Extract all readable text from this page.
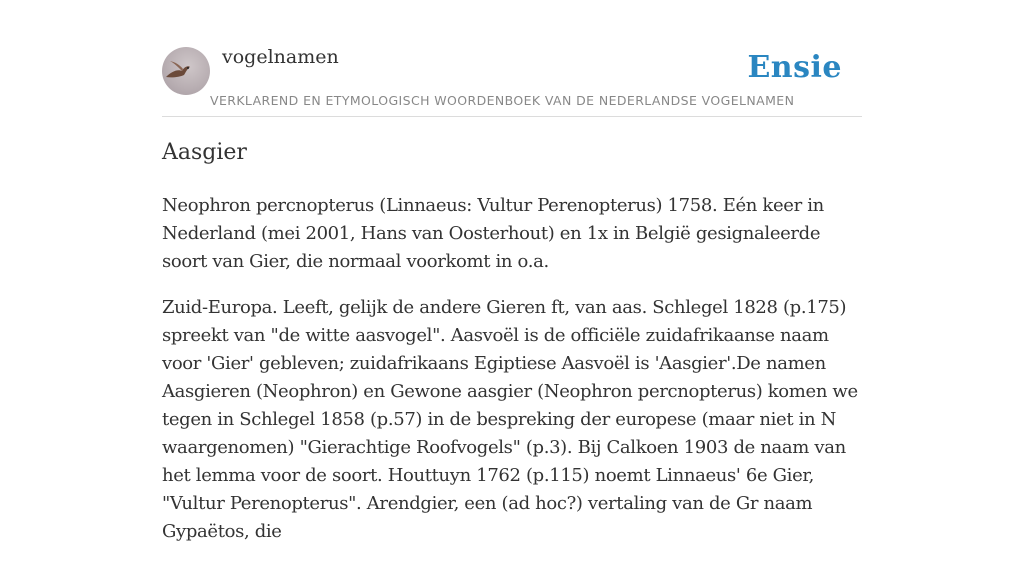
vogelnamen
VERKLAREND EN ETYMOLOGISCH WOORDENBOEK VAN DE NEDERLANDSE VOGELNAMEN
Ensie
Aasgier

Neophron percnopterus (Linnaeus: Vultur Perenopterus) 1758. Eén keer in Nederland (mei 2001, Hans van Oosterhout) en 1x in België gesignaleerde soort van Gier, die normaal voorkomt in o.a.

Zuid-Europa. Leeft, gelijk de andere Gieren ft, van aas. Schlegel 1828 (p.175) spreekt van "de witte aasvogel". Aasvoël is de officiële zuidafrikaanse naam voor 'Gier' gebleven; zuidafrikaans Egiptiese Aasvoël is 'Aasgier'.De namen Aasgieren (Neophron) en Gewone aasgier (Neophron percnopterus) komen we tegen in Schlegel 1858 (p.57) in de bespreking der europese (maar niet in N waargenomen) "Gierachtige Roofvogels" (p.3). Bij Calkoen 1903 de naam van het lemma voor de soort. Houttuyn 1762 (p.115) noemt Linnaeus' 6e Gier, "Vultur Perenopterus". Arendgier, een (ad hoc?) vertaling van de Gr naam Gypaëtos, die
